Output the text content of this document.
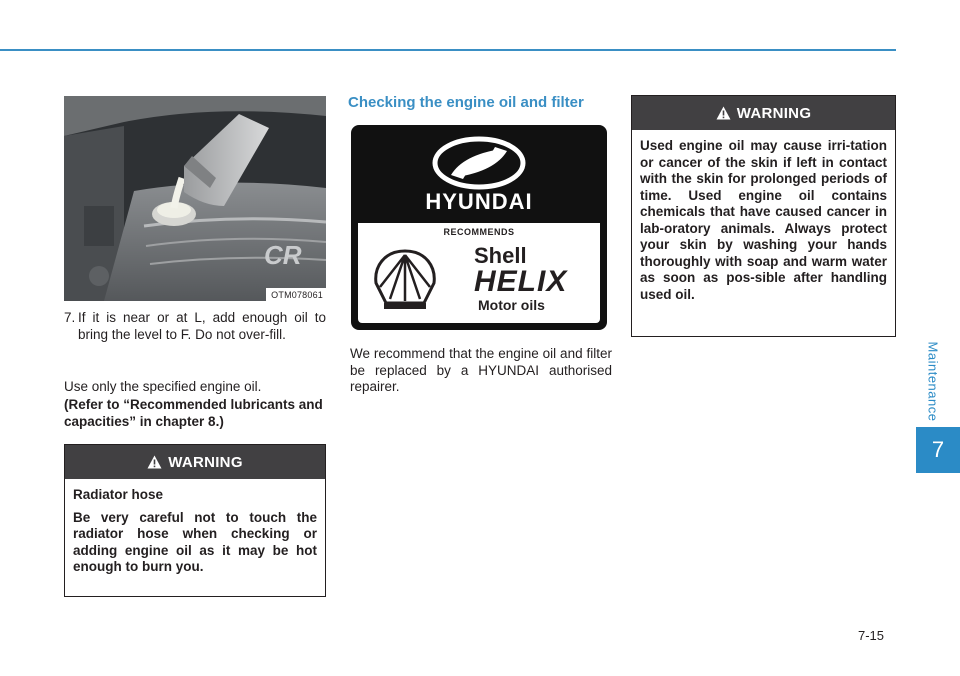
Maintenance
7
7-15
CR
OTM078061
7. If it is near or at L, add enough oil to bring the level to F. Do not over-fill.
Use only the specified engine oil.
(Refer to “Recommended lubricants and capacities” in chapter 8.)
WARNING

Radiator hose

Be very careful not to touch the radiator hose when checking or adding engine oil as it may be hot enough to burn you.

Checking the engine oil and filter
HYUNDAI
RECOMMENDS
Shell
HELIX
Motor oils
We recommend that the engine oil and filter be replaced by a HYUNDAI authorised repairer.
WARNING

Used engine oil may cause irri-tation or cancer of the skin if left in contact with the skin for prolonged periods of time. Used engine oil contains chemicals that have caused cancer in lab-oratory animals. Always protect your skin by washing your hands thoroughly with soap and warm water as soon as pos-sible after handling used oil.
